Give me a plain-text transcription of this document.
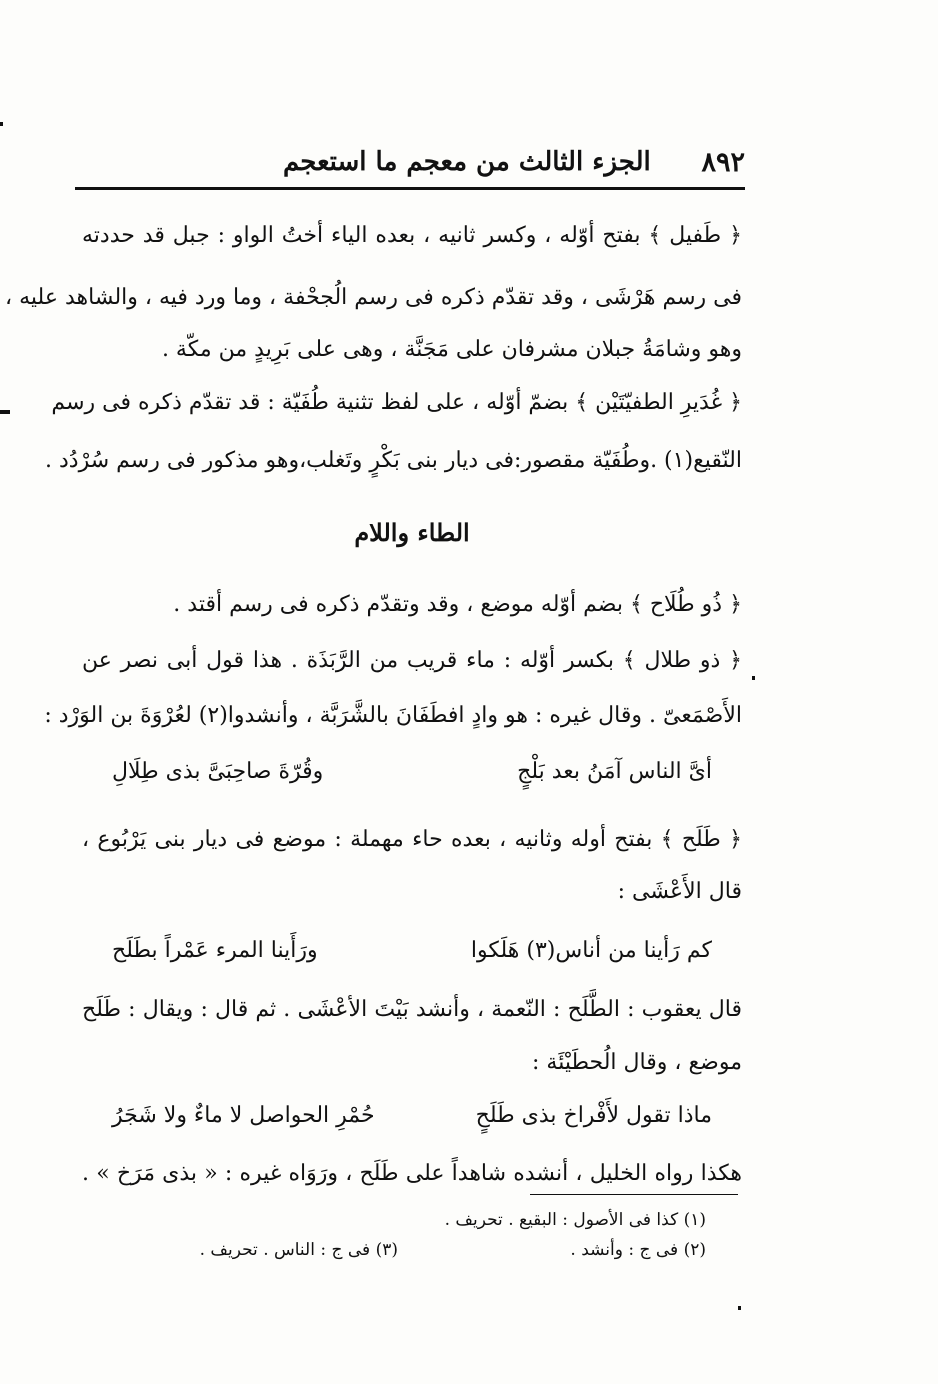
٨٩٢
الجزء الثالث من معجم ما استعجم
﴿ طَفيل ﴾ بفتح أوّله ، وكسر ثانيه ، بعده الياء أختُ الواو : جبل قد حددته
فى رسم هَرْشَى ، وقد تقدّم ذكره فى رسم الُجحْفة ، وما ورد فيه ، والشاهد عليه ،
وهو وشامَةُ جبلان مشرفان على مَجَنَّة ، وهى على بَرِيدٍ من مكّة .
﴿ غُدَيرِ الطفيّتَيْن ﴾ بضمّ أوّله ، على لفظ تثنية طُفَيّة : قد تقدّم ذكره فى رسم
النّقيع(١) .وطُفَيّة مقصور:فى ديار بنى بَكْرٍ وتَغلب،وهو مذكور فى رسم سُرْدُد .
الطاء واللام
﴿ ذُو طُلَاح ﴾ بضم أوّله موضع ، وقد وتقدّم ذكره فى رسم أقتد .
﴿ ذو طلال ﴾ بكسر أوّله : ماء قريب من الرَّبَذَة . هذا قول أبى نصر عن
الأَصْمَعىّ . وقال غيره : هو وادٍ افطَفَانَ بالشَّرَبَّة ، وأنشدوا(٢) لعُرْوَةَ بن الوَرْد :
أىَّ الناس آمَنُ بعد بَلْجٍ
وقُرّةَ صاحِبَىَّ بذى طِلَالِ
﴿ طَلَح ﴾ بفتح أوله وثانيه ، بعده حاء مهملة : موضع فى ديار بنى يَرْبُوع ،
قال الأَعْشَى :
كم رَأينا من أناس(٣) هَلَكوا
ورَأَينا المرء عَمْراً بطَلَح
قال يعقوب : الطَّلَح : النّعمة ، وأنشد بَيْتَ الأعْشَى . ثم قال : ويقال : طَلَح
موضع ، وقال الُحطَيْئَة :
ماذا تقول لأَفْراخ بذى طَلَحٍ
حُمْرِ الحواصل لا ماءٌ ولا شَجَرُ
هكذا رواه الخليل ، أنشده شاهداً على طَلَح ، ورَوَاه غيره : « بذى مَرَخ » .
(١) كذا فى الأصول : البقيع . تحريف .
(٢) فى ج : وأنشد .
(٣) فى ج : الناس . تحريف .
